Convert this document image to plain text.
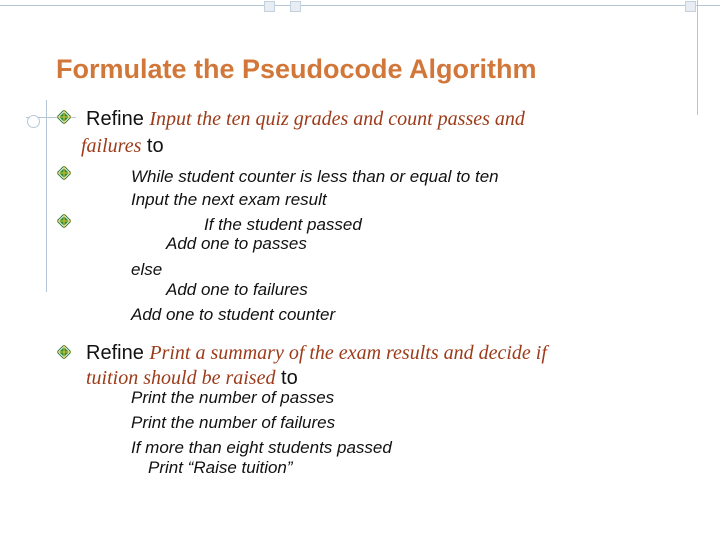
Formulate the Pseudocode Algorithm

Refine Input the ten quiz grades and count passes and

failures to

While student counter is less than or equal to ten

Input the next exam result

If the student passed

Add one to passes

else

Add one to failures

Add one to student counter

Refine Print a summary of the exam results and decide if

tuition should be raised to

Print the number of passes

Print the number of failures

If more than eight students passed

Print “Raise tuition”
